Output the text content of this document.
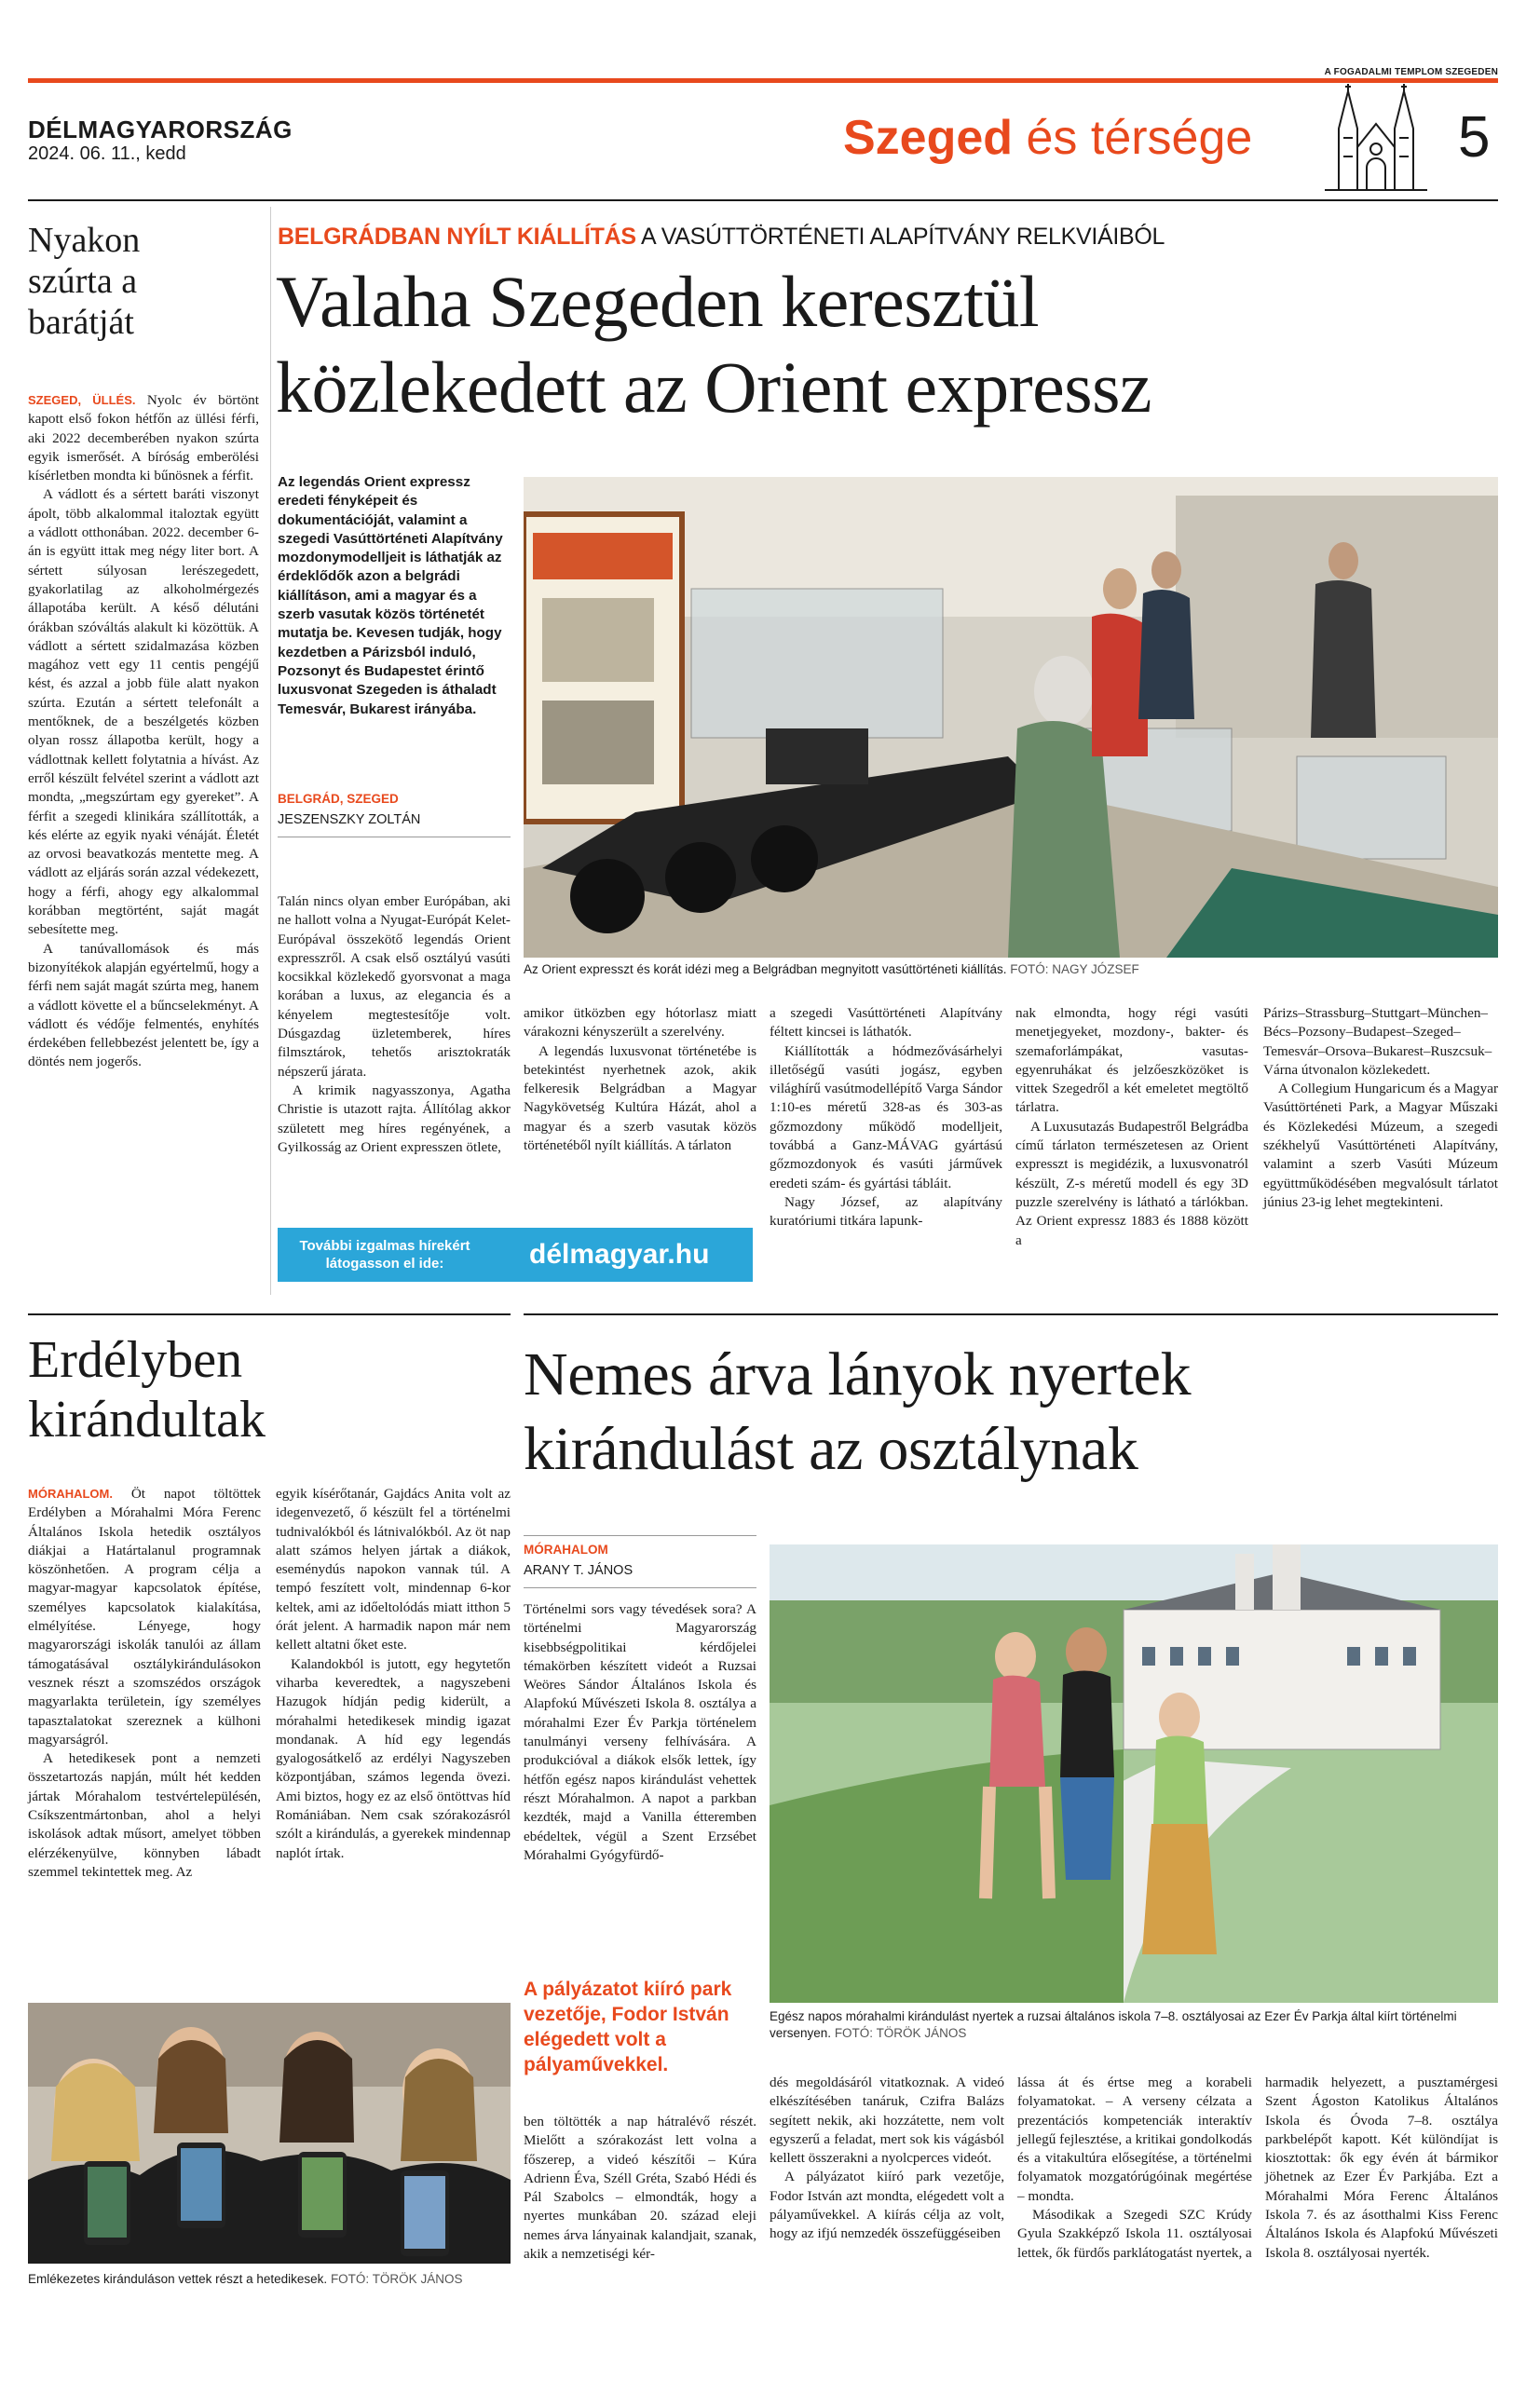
A FOGADALMI TEMPLOM SZEGEDEN
DÉLMAGYARORSZÁG
2024. 06. 11., kedd	Szeged és térsége	5
Nyakon szúrta a barátját

SZEGED, ÜLLÉS. Nyolc év börtönt kapott első fokon hétfőn az üllési férfi, aki 2022 decemberében nyakon szúrta egyik ismerősét. A bíróság emberölési kísérletben mondta ki bűnösnek a férfit.

A vádlott és a sértett baráti viszonyt ápolt, több alkalommal italoztak együtt a vádlott otthonában. 2022. december 6-án is együtt ittak meg négy liter bort. A sértett súlyosan lerészegedett, gyakorlatilag az alkoholmérgezés állapotába került. A késő délutáni órákban szóváltás alakult ki közöttük. A vádlott a sértett szidalmazása közben magához vett egy 11 centis pengéjű kést, és azzal a jobb füle alatt nyakon szúrta. Ezután a sértett telefonált a mentőknek, de a beszélgetés közben olyan rossz állapotba került, hogy a vádlottnak kellett folytatnia a hívást. Az erről készült felvétel szerint a vádlott azt mondta, „megszúrtam egy gyereket”. A férfit a szegedi klinikára szállították, a kés elérte az egyik nyaki vénáját. Életét az orvosi beavatkozás mentette meg. A vádlott az eljárás során azzal védekezett, hogy a férfi, ahogy egy alkalommal korábban megtörtént, saját magát sebesítette meg.

A tanúvallomások és más bizonyítékok alapján egyértelmű, hogy a férfi nem saját magát szúrta meg, hanem a vádlott követte el a bűncselekményt. A vádlott és védője felmentés, enyhítés érdekében fellebbezést jelentett be, így a döntés nem jogerős.

BELGRÁDBAN NYÍLT KIÁLLÍTÁS A VASÚTTÖRTÉNETI ALAPÍTVÁNY RELKVIÁIBÓL
Valaha Szegeden keresztül
közlekedett az Orient expressz
Az legendás Orient expressz eredeti fényképeit és dokumentációját, valamint a szegedi Vasúttörténeti Alapítvány mozdonymodelljeit is láthatják az érdeklődők azon a belgrádi kiállításon, ami a magyar és a szerb vasutak közös történetét mutatja be. Kevesen tudják, hogy kezdetben a Párizsból induló, Pozsonyt és Budapestet érintő luxusvonat Szegeden is áthaladt Temesvár, Bukarest irányába.
BELGRÁD, SZEGED
JESZENSZKY ZOLTÁN
Az Orient expresszt és korát idézi meg a Belgrádban megnyitott vasúttörténeti kiállítás. FOTÓ: NAGY JÓZSEF

Talán nincs olyan ember Európában, aki ne hallott volna a Nyugat-Európát Kelet-Európával összekötő legendás Orient expresszről. A csak első osztályú vasúti kocsikkal közlekedő gyorsvonat a maga korában a luxus, az elegancia és a kényelem megtestesítője volt. Dúsgazdag üzletemberek, híres filmsztárok, tehetős arisztokraták népszerű járata.

A krimik nagyasszonya, Agatha Christie is utazott rajta. Állítólag akkor született meg híres regényének, a Gyilkosság az Orient expresszen ötlete,

További izgalmas hírekért
látogasson el ide:	délmagyar.hu

amikor ütközben egy hótorlasz miatt várakozni kényszerült a szerelvény.

A legendás luxusvonat történetébe is betekintést nyerhetnek azok, akik felkeresik Belgrádban a Magyar Nagykövetség Kultúra Házát, ahol a magyar és a szerb vasutak közös történetéből nyílt kiállítás. A tárlaton

a szegedi Vasúttörténeti Alapítvány féltett kincsei is láthatók.

Kiállították a hódmezővásárhelyi illetőségű vasúti jogász, egyben világhírű vasútmodellépítő Varga Sándor 1:10-es méretű 328-as és 303-as gőzmozdony működő modelljeit, továbbá a Ganz-MÁVAG gyártású gőzmozdonyok és vasúti járművek eredeti szám- és gyártási tábláit.

Nagy József, az alapítvány kuratóriumi titkára lapunk-

nak elmondta, hogy régi vasúti menetjegyeket, mozdony-, bakter- és szemaforlámpákat, vasutas-egyenruhákat és jelzőeszközöket is vittek Szegedről a két emeletet megtöltő tárlatra.

A Luxusutazás Budapestről Belgrádba című tárlaton természetesen az Orient expresszt is megidézik, a luxusvonatról készült, Z-s méretű modell és egy 3D puzzle szerelvény is látható a tárlókban. Az Orient expressz 1883 és 1888 között a

Párizs–Strassburg–Stuttgart–München–Bécs–Pozsony–Budapest–Szeged–Temesvár–Orsova–Bukarest–Ruszcsuk–Várna útvonalon közlekedett.

A Collegium Hungaricum és a Magyar Vasúttörténeti Park, a Magyar Műszaki és Közlekedési Múzeum, a szegedi székhelyű Vasúttörténeti Alapítvány, valamint a szerb Vasúti Múzeum együttműködésében megvalósult tárlatot június 23-ig lehet megtekinteni.

Erdélyben
kirándultak

MÓRAHALOM. Öt napot töltöttek Erdélyben a Mórahalmi Móra Ferenc Általános Iskola hetedik osztályos diákjai a Határtalanul programnak köszönhetően. A program célja a magyar-magyar kapcsolatok építése, személyes kapcsolatok kialakítása, elmélyítése. Lényege, hogy magyarországi iskolák tanulói az állam támogatásával osztálykirándulásokon vesznek részt a szomszédos országok magyarlakta területein, így személyes tapasztalatokat szereznek a külhoni magyarságról.

A hetedikesek pont a nemzeti összetartozás napján, múlt hét kedden jártak Mórahalom testvértelepülésén, Csíkszentmártonban, ahol a helyi iskolások adtak műsort, amelyet többen elérzékenyülve, könnyben lábadt szemmel tekintettek meg. Az

egyik kísérőtanár, Gajdács Anita volt az idegenvezető, ő készült fel a történelmi tudnivalókból és látnivalókból. Az öt nap alatt számos helyen jártak a diákok, eseménydús napokon vannak túl. A tempó feszített volt, mindennap 6-kor keltek, ami az időeltolódás miatt itthon 5 órát jelent. A harmadik napon már nem kellett altatni őket este.

Kalandokból is jutott, egy hegytetőn viharba keveredtek, a nagyszebeni Hazugok hídján pedig kiderült, a mórahalmi hetedikesek mindig igazat mondanak. A híd egy legendás gyalogosátkelő az erdélyi Nagyszeben központjában, számos legenda övezi. Ami biztos, hogy ez az első öntöttvas híd Romániában. Nem csak szórakozásról szólt a kirándulás, a gyerekek mindennap naplót írtak.

Emlékezetes kiránduláson vettek részt a hetedikesek. FOTÓ: TÖRÖK JÁNOS
Nemes árva lányok nyertek
kirándulást az osztálynak
MÓRAHALOM
ARANY T. JÁNOS
Történelmi sors vagy tévedések sora? A történelmi Magyarország kisebbségpolitikai kérdőjelei témakörben készített videót a Ruzsai Weöres Sándor Általános Iskola és Alapfokú Művészeti Iskola 8. osztálya a mórahalmi Ezer Év Parkja történelem tanulmányi verseny felhívására. A produkcióval a diákok elsők lettek, így hétfőn egész napos kirándulást vehettek részt Mórahalmon. A napot a parkban kezdték, majd a Vanilla étteremben ebédeltek, végül a Szent Erzsébet Mórahalmi Gyógyfürdő-
A pályázatot kiíró park vezetője, Fodor István elégedett volt a pályaművekkel.
ben töltötték a nap hátralévő részét. Mielőtt a szórakozást lett volna a főszerep, a videó készítői – Kúra Adrienn Éva, Széll Gréta, Szabó Hédi és Pál Szabolcs – elmondták, hogy a nyertes munkában 20. század eleji nemes árva lányainak kalandjait, szanak, akik a nemzetiségi kér-
Egész napos mórahalmi kirándulást nyertek a ruzsai általános iskola 7–8. osztályosai az Ezer Év Parkja által kiírt történelmi versenyen. FOTÓ: TÖRÖK JÁNOS

dés megoldásáról vitatkoznak. A videó elkészítésében tanáruk, Czifra Balázs segített nekik, aki hozzátette, nem volt egyszerű a feladat, mert sok kis vágásból kellett összerakni a nyolcperces videót.

A pályázatot kiíró park vezetője, Fodor István azt mondta, elégedett volt a pályaművekkel. A kiírás célja az volt, hogy az ifjú nemzedék összefüggéseiben

lássa át és értse meg a korabeli folyamatokat. – A verseny célzata a prezentációs kompetenciák interaktív jellegű fejlesztése, a kritikai gondolkodás és a vitakultúra elősegítése, a történelmi folyamatok mozgatórúgóinak megértése – mondta.

Másodikak a Szegedi SZC Krúdy Gyula Szakképző Iskola 11. osztályosai lettek, ők fürdős parklátogatást nyertek, a

harmadik helyezett, a pusztamérgesi Szent Ágoston Katolikus Általános Iskola és Óvoda 7–8. osztálya parkbelépőt kapott. Két különdíjat is kiosztottak: ők egy évén át bármikor jöhetnek az Ezer Év Parkjába. Ezt a Mórahalmi Móra Ferenc Általános Iskola 7. és az ásotthalmi Kiss Ferenc Általános Iskola és Alapfokú Művészeti Iskola 8. osztályosai nyerték.
